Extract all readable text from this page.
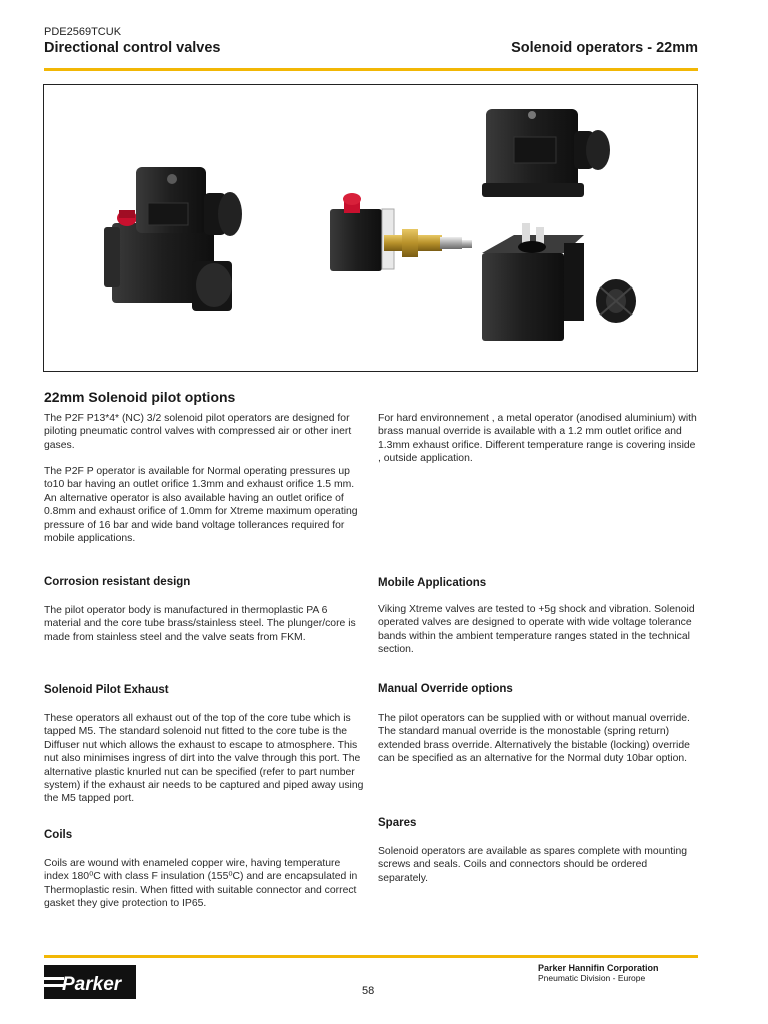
PDE2569TCUK
Directional control valves	Solenoid operators - 22mm
22mm Solenoid pilot options
The P2F P13*4* (NC) 3/2 solenoid pilot operators are designed for piloting pneumatic control valves with compressed air or other inert gases.
The P2F P operator is available for Normal operating pressures up to10 bar having an outlet orifice 1.3mm and exhaust orifice 1.5 mm. An alternative operator is also available having an outlet orifice of 0.8mm and exhaust orifice of 1.0mm for Xtreme maximum operating pressure of 16 bar and wide band voltage tollerances required for mobile applications.
For hard environnement , a metal operator (anodised aluminium) with brass manual override is available with a 1.2 mm outlet orifice and 1.3mm exhaust orifice. Different temperature range is covering inside , outside application.
Corrosion resistant design
The pilot operator body is manufactured in thermoplastic PA 6 material and the core tube brass/stainless steel. The plunger/core is made from stainless steel and the valve seats from FKM.
Solenoid Pilot Exhaust
These operators all exhaust out of the top of the core tube which is tapped M5. The standard solenoid nut fitted to the core tube is the Diffuser nut which allows the exhaust to escape to atmosphere. This nut also minimises ingress of dirt into the valve through this port. The alternative plastic knurled nut can be specified (refer to part number system) if the exhaust air needs to be captured and piped away using the M5 tapped port.
Coils
Coils are wound with enameled copper wire, having temperature index 180⁰C with class F insulation (155⁰C) and are encapsulated in Thermoplastic resin. When fitted with suitable connector and correct gasket they give protection to IP65.
Mobile Applications
Viking Xtreme valves are tested to +5g shock and vibration. Solenoid operated valves are designed to operate with wide voltage tolerance bands within the ambient temperature ranges stated in the technical section.
Manual Override options
The pilot operators can be supplied with or without manual override. The standard manual override is the monostable (spring return) extended brass override. Alternatively the bistable (locking) override can be specified as an alternative for the Normal duty 10bar option.
Spares
Solenoid operators are available as spares complete with mounting screws and seals. Coils and connectors should be ordered separately.
Parker
Parker Hannifin Corporation
Pneumatic Division - Europe
58
